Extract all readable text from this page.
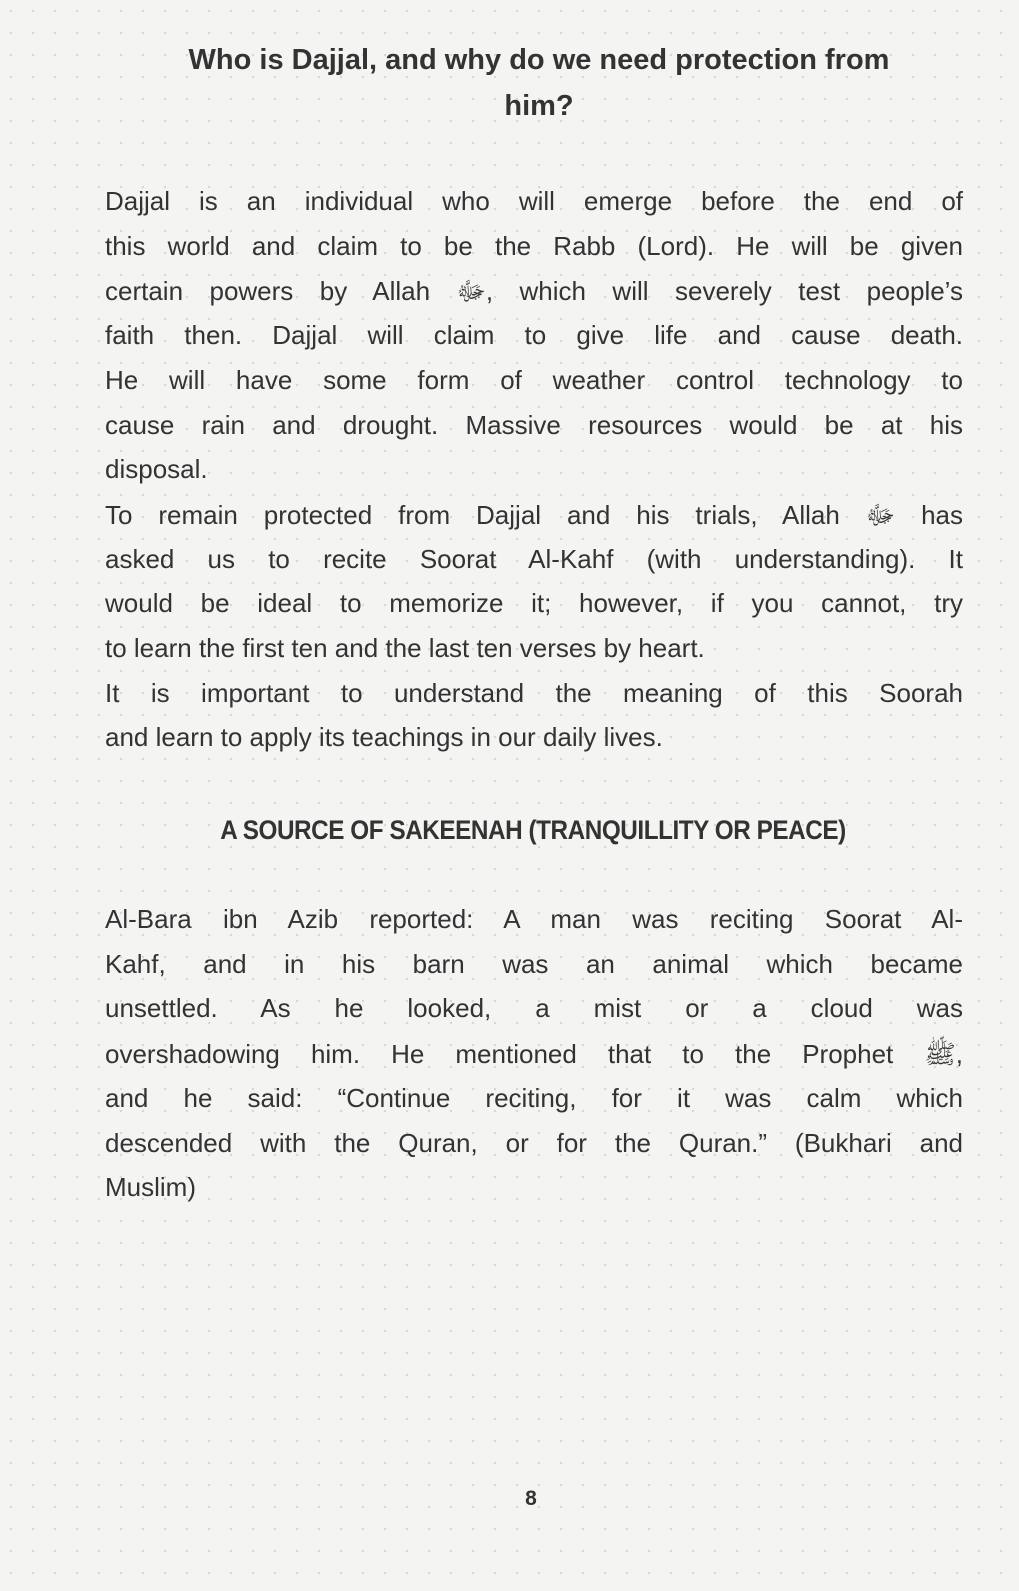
Who is Dajjal, and why do we need protection from
him?
Dajjal is an individual who will emerge before the end of
this world and claim to be the Rabb (Lord). He will be given
certain powers by Allah ﷻ, which will severely test people’s
faith then. Dajjal will claim to give life and cause death.
He will have some form of weather control technology to
cause rain and drought. Massive resources would be at his
disposal.
To remain protected from Dajjal and his trials, Allah ﷻ has
asked us to recite Soorat Al-Kahf (with understanding). It
would be ideal to memorize it; however, if you cannot, try
to learn the first ten and the last ten verses by heart.
It is important to understand the meaning of this Soorah
and learn to apply its teachings in our daily lives.
A SOURCE OF SAKEENAH (TRANQUILLITY OR PEACE)
Al-Bara ibn Azib reported: A man was reciting Soorat Al-
Kahf, and in his barn was an animal which became
unsettled. As he looked, a mist or a cloud was
overshadowing him. He mentioned that to the Prophet ﷺ,
and he said: “Continue reciting, for it was calm which
descended with the Quran, or for the Quran.” (Bukhari and
Muslim)
8
